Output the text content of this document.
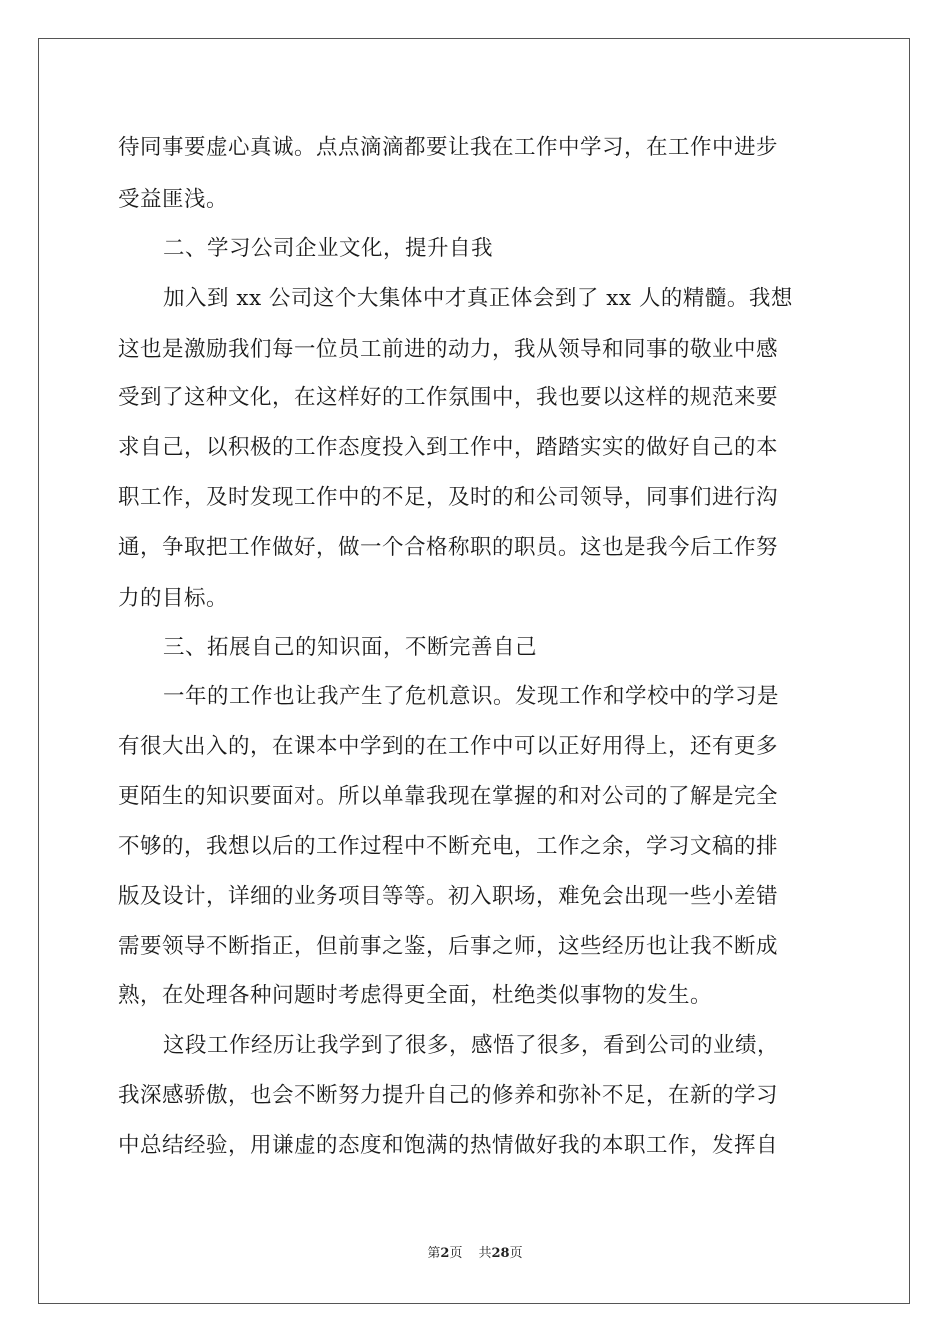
待同事要虚心真诚。点点滴滴都要让我在工作中学习，在工作中进步
受益匪浅。
二、学习公司企业文化，提升自我
加入到 xx 公司这个大集体中才真正体会到了 xx 人的精髓。我想
这也是激励我们每一位员工前进的动力，我从领导和同事的敬业中感
受到了这种文化，在这样好的工作氛围中，我也要以这样的规范来要
求自己，以积极的工作态度投入到工作中，踏踏实实的做好自己的本
职工作，及时发现工作中的不足，及时的和公司领导，同事们进行沟
通，争取把工作做好，做一个合格称职的职员。这也是我今后工作努
力的目标。
三、拓展自己的知识面，不断完善自己
一年的工作也让我产生了危机意识。发现工作和学校中的学习是
有很大出入的，在课本中学到的在工作中可以正好用得上，还有更多
更陌生的知识要面对。所以单靠我现在掌握的和对公司的了解是完全
不够的，我想以后的工作过程中不断充电，工作之余，学习文稿的排
版及设计，详细的业务项目等等。初入职场，难免会出现一些小差错
需要领导不断指正，但前事之鉴，后事之师，这些经历也让我不断成
熟，在处理各种问题时考虑得更全面，杜绝类似事物的发生。
这段工作经历让我学到了很多，感悟了很多，看到公司的业绩，
我深感骄傲，也会不断努力提升自己的修养和弥补不足，在新的学习
中总结经验，用谦虚的态度和饱满的热情做好我的本职工作，发挥自
第2页 共28页
